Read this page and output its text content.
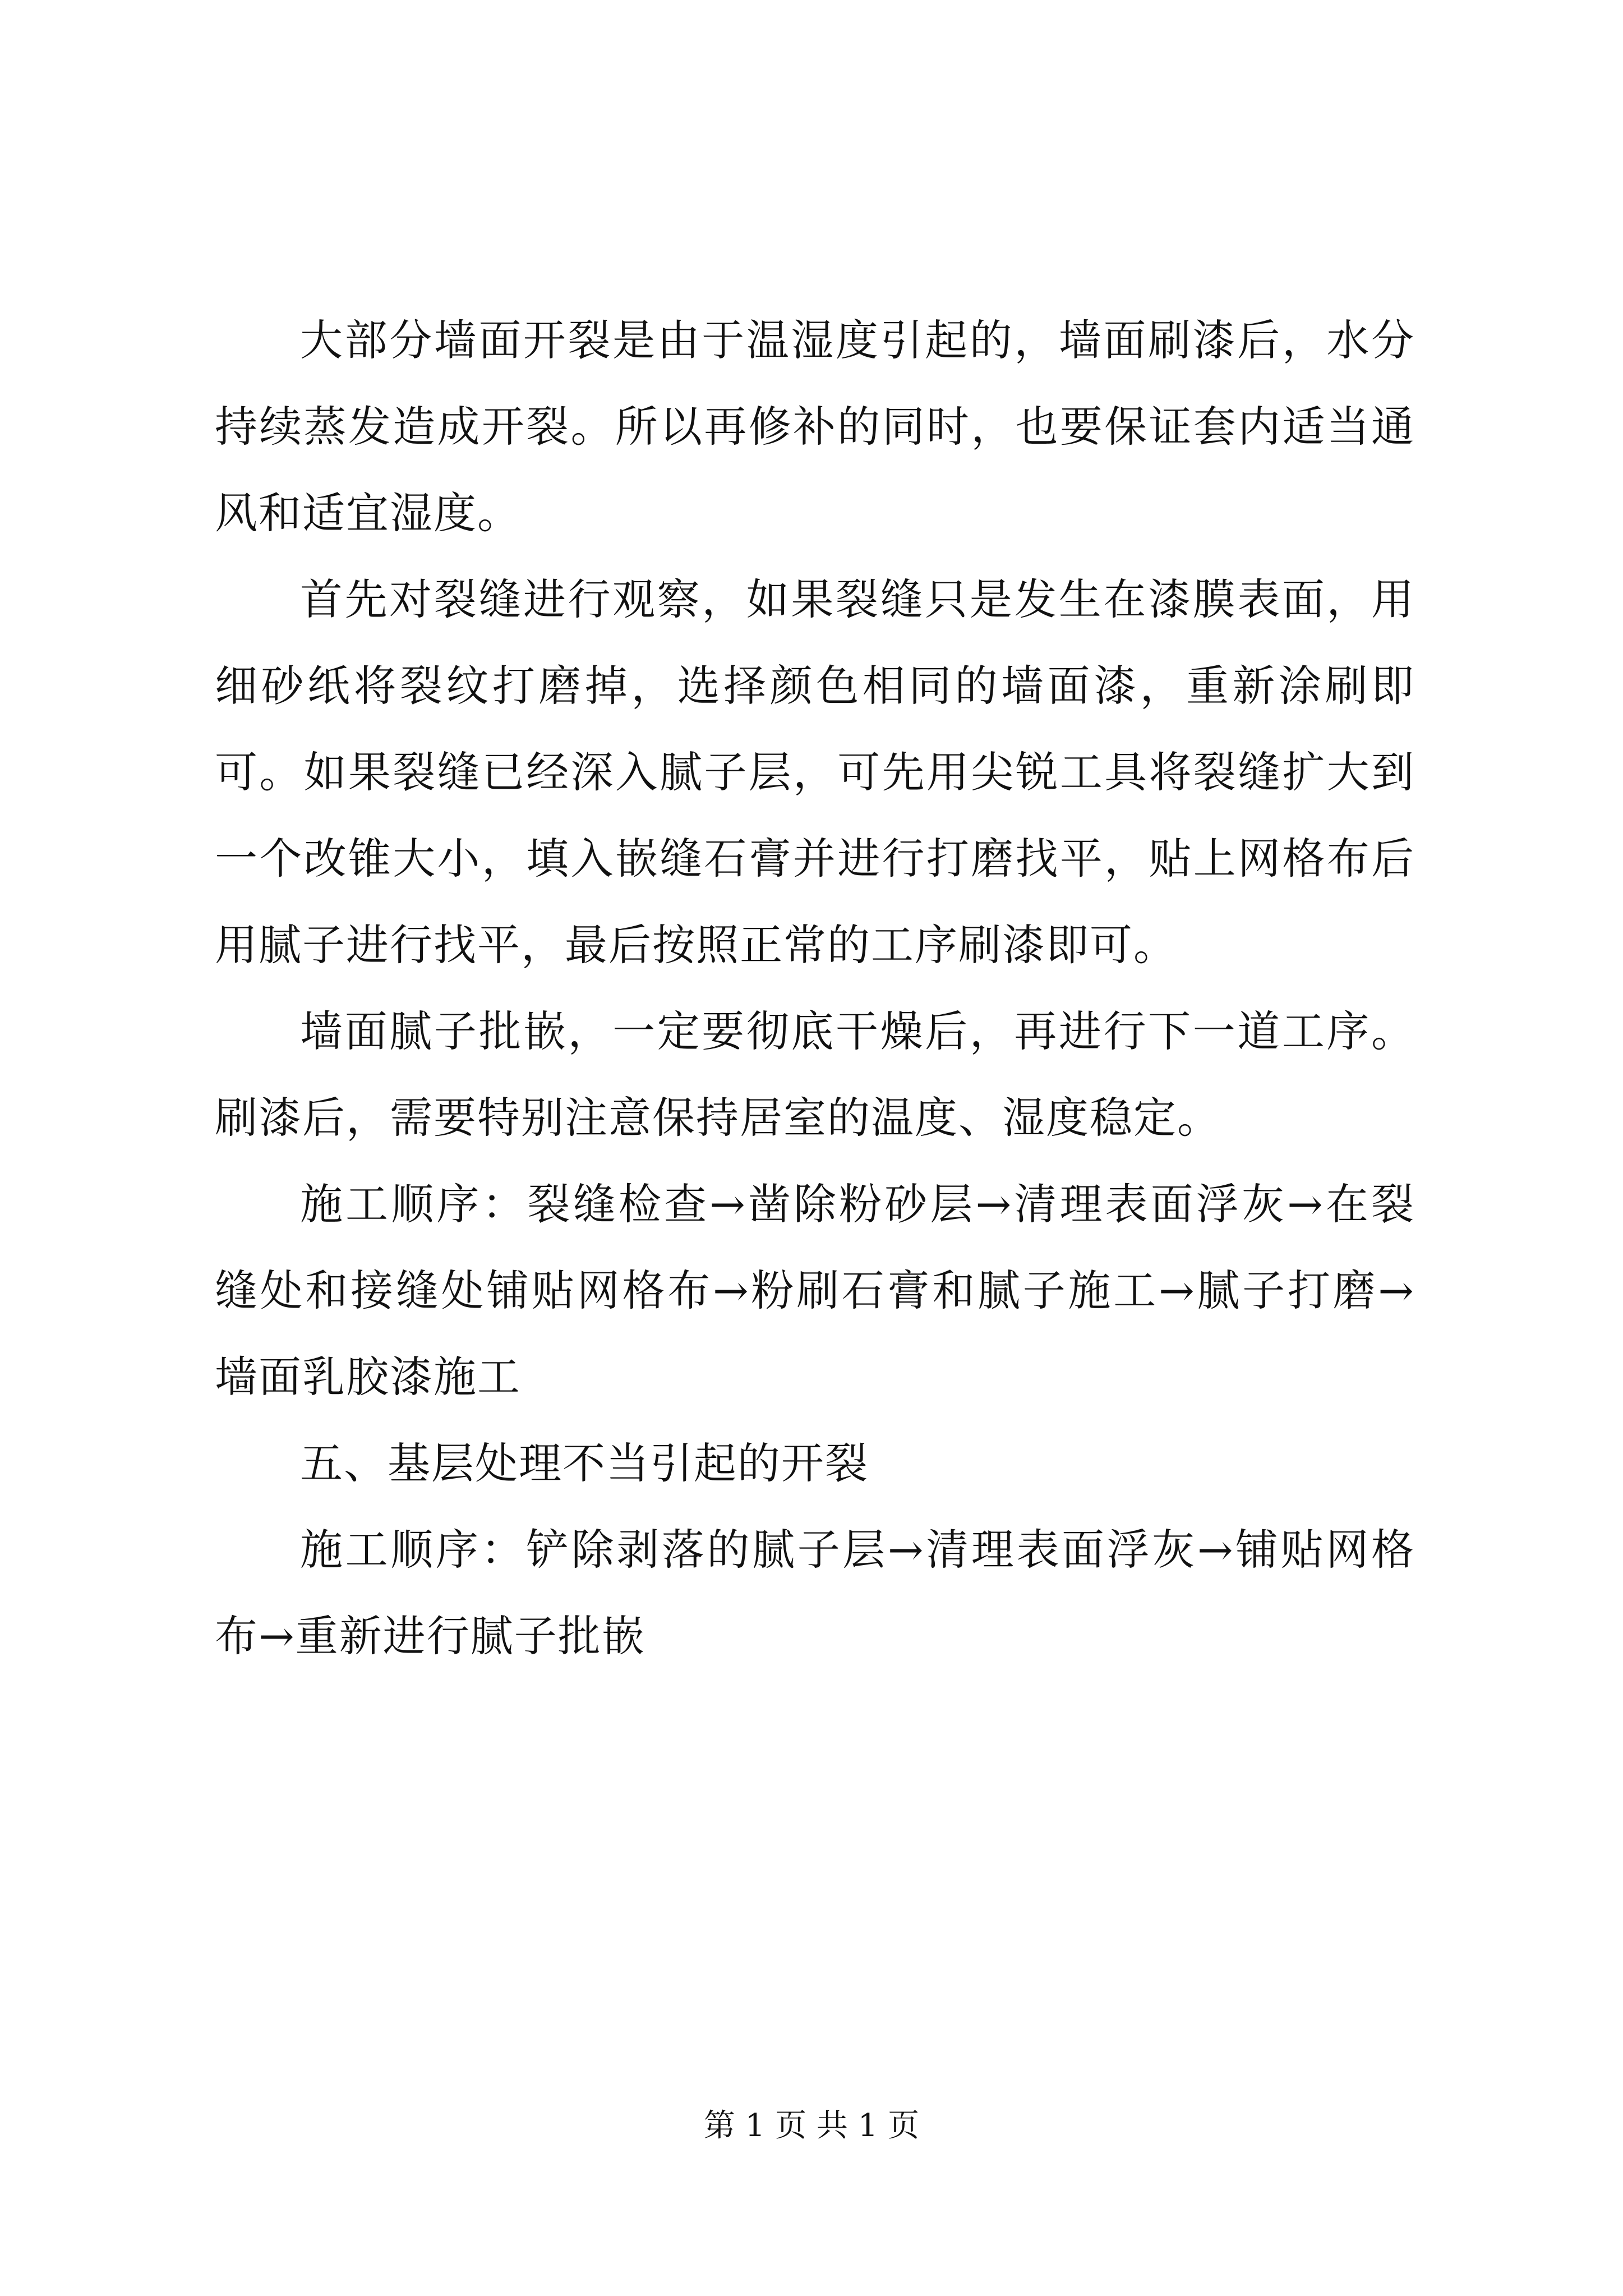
大部分墙面开裂是由于温湿度引起的，墙面刷漆后，水分持续蒸发造成开裂。所以再修补的同时，也要保证套内适当通风和适宜湿度。

首先对裂缝进行观察，如果裂缝只是发生在漆膜表面，用细砂纸将裂纹打磨掉，选择颜色相同的墙面漆，重新涂刷即可。如果裂缝已经深入腻子层，可先用尖锐工具将裂缝扩大到一个改锥大小，填入嵌缝石膏并进行打磨找平，贴上网格布后用腻子进行找平，最后按照正常的工序刷漆即可。

墙面腻子批嵌，一定要彻底干燥后，再进行下一道工序。刷漆后，需要特别注意保持居室的温度、湿度稳定。

施工顺序：裂缝检查→凿除粉砂层→清理表面浮灰→在裂缝处和接缝处铺贴网格布→粉刷石膏和腻子施工→腻子打磨→墙面乳胶漆施工

五、基层处理不当引起的开裂

施工顺序：铲除剥落的腻子层→清理表面浮灰→铺贴网格布→重新进行腻子批嵌

第 1 页 共 1 页
